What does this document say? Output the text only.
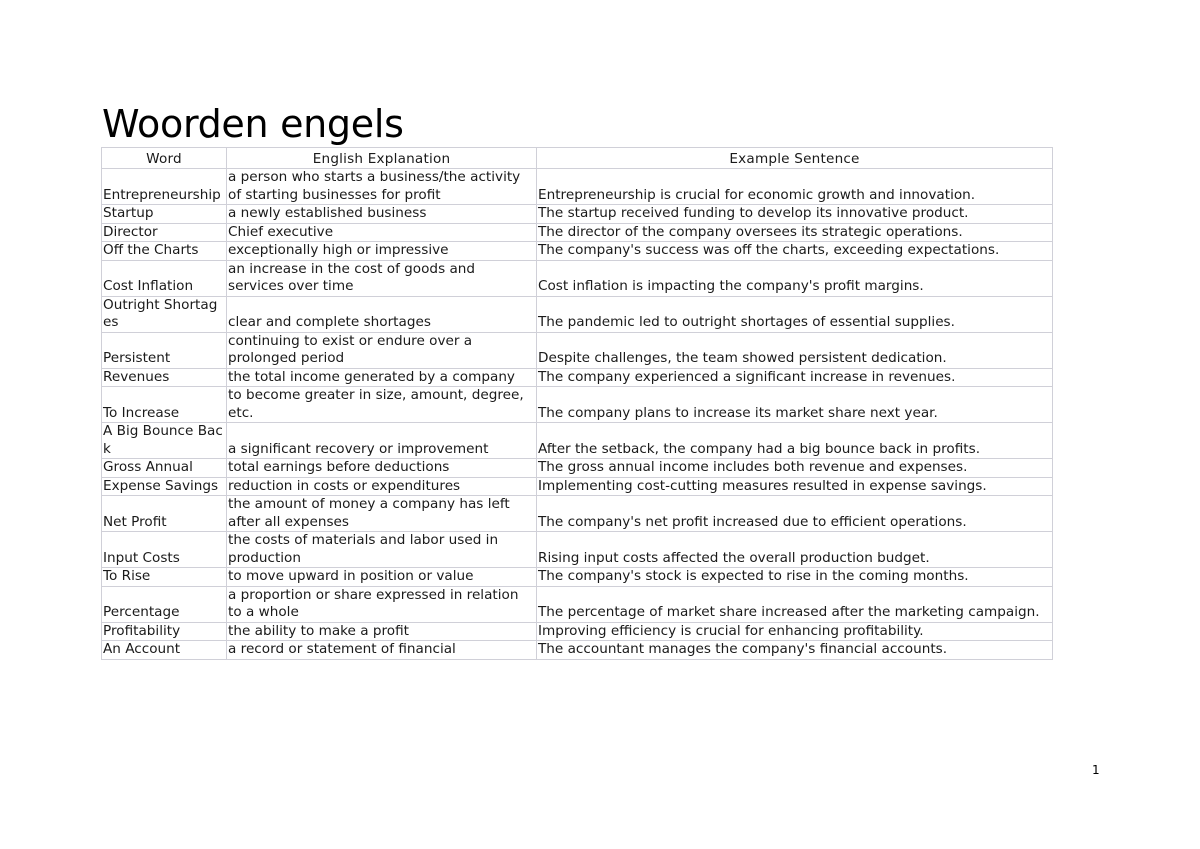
Woorden engels
Word	English Explanation	Example Sentence
Entrepreneurship	a person who starts a business/the activity of starting businesses for profit	Entrepreneurship is crucial for economic growth and innovation.
Startup	a newly established business	The startup received funding to develop its innovative product.
Director	Chief executive	The director of the company oversees its strategic operations.
Off the Charts	exceptionally high or impressive	The company's success was off the charts, exceeding expectations.
Cost Inflation	an increase in the cost of goods and services over time	Cost inflation is impacting the company's profit margins.
Outright Shortages	clear and complete shortages	The pandemic led to outright shortages of essential supplies.
Persistent	continuing to exist or endure over a prolonged period	Despite challenges, the team showed persistent dedication.
Revenues	the total income generated by a company	The company experienced a significant increase in revenues.
To Increase	to become greater in size, amount, degree, etc.	The company plans to increase its market share next year.
A Big Bounce Back	a significant recovery or improvement	After the setback, the company had a big bounce back in profits.
Gross Annual	total earnings before deductions	The gross annual income includes both revenue and expenses.
Expense Savings	reduction in costs or expenditures	Implementing cost-cutting measures resulted in expense savings.
Net Profit	the amount of money a company has left after all expenses	The company's net profit increased due to efficient operations.
Input Costs	the costs of materials and labor used in production	Rising input costs affected the overall production budget.
To Rise	to move upward in position or value	The company's stock is expected to rise in the coming months.
Percentage	a proportion or share expressed in relation to a whole	The percentage of market share increased after the marketing campaign.
Profitability	the ability to make a profit	Improving efficiency is crucial for enhancing profitability.
An Account	a record or statement of financial	The accountant manages the company's financial accounts.
1
